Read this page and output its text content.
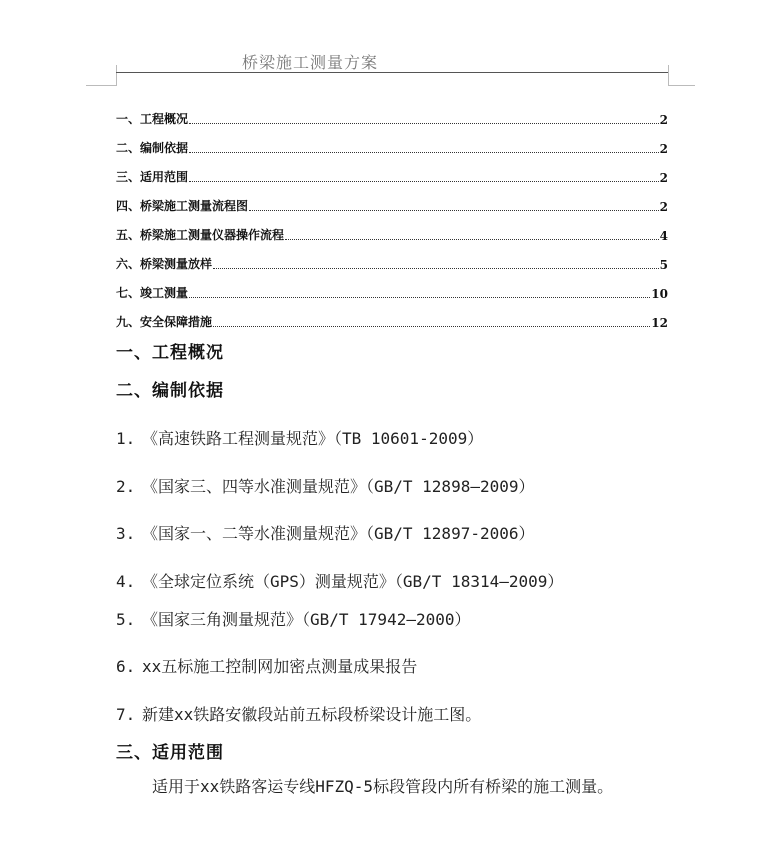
桥梁施工测量方案
一、工程概况	2
二、编制依据	2
三、适用范围	2
四、桥梁施工测量流程图	2
五、桥梁施工测量仪器操作流程	4
六、桥梁测量放样	5
七、竣工测量	10
九、安全保障措施	12
一、工程概况
二、编制依据
1. 《高速铁路工程测量规范》（TB 10601-2009）
2. 《国家三、四等水准测量规范》（GB/T 12898—2009）
3. 《国家一、二等水准测量规范》（GB/T 12897-2006）
4. 《全球定位系统（GPS）测量规范》（GB/T 18314—2009）
5. 《国家三角测量规范》（GB/T 17942—2000）
6. xx五标施工控制网加密点测量成果报告
7. 新建xx铁路安徽段站前五标段桥梁设计施工图。
三、适用范围
适用于xx铁路客运专线HFZQ-5标段管段内所有桥梁的施工测量。
